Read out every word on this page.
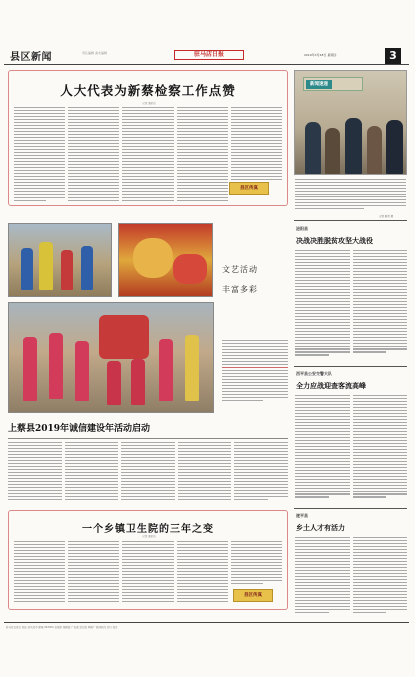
县区新闻	责任编辑 美术编辑	驻马店日报	2019年3月28日 星期四	3
人大代表为新蔡检察工作点赞
记者 通讯员
县区传真
新闻速递
记者 陈亮 摄
文艺活动
丰富多彩
上蔡县2019年诚信建设年活动启动
一个乡镇卫生院的三年之变
记者 通讯员
县区传真
泌阳县
决战决胜脱贫攻坚大战役
西平县公安交警大队
全力应战迎查客流高峰
遂平县
乡土人才有活力
驻马店日报社 地址 驻马店市 邮编 463000 总编室 编辑部 广告部 发行部 印刷厂 新闻热线 定价 每月
